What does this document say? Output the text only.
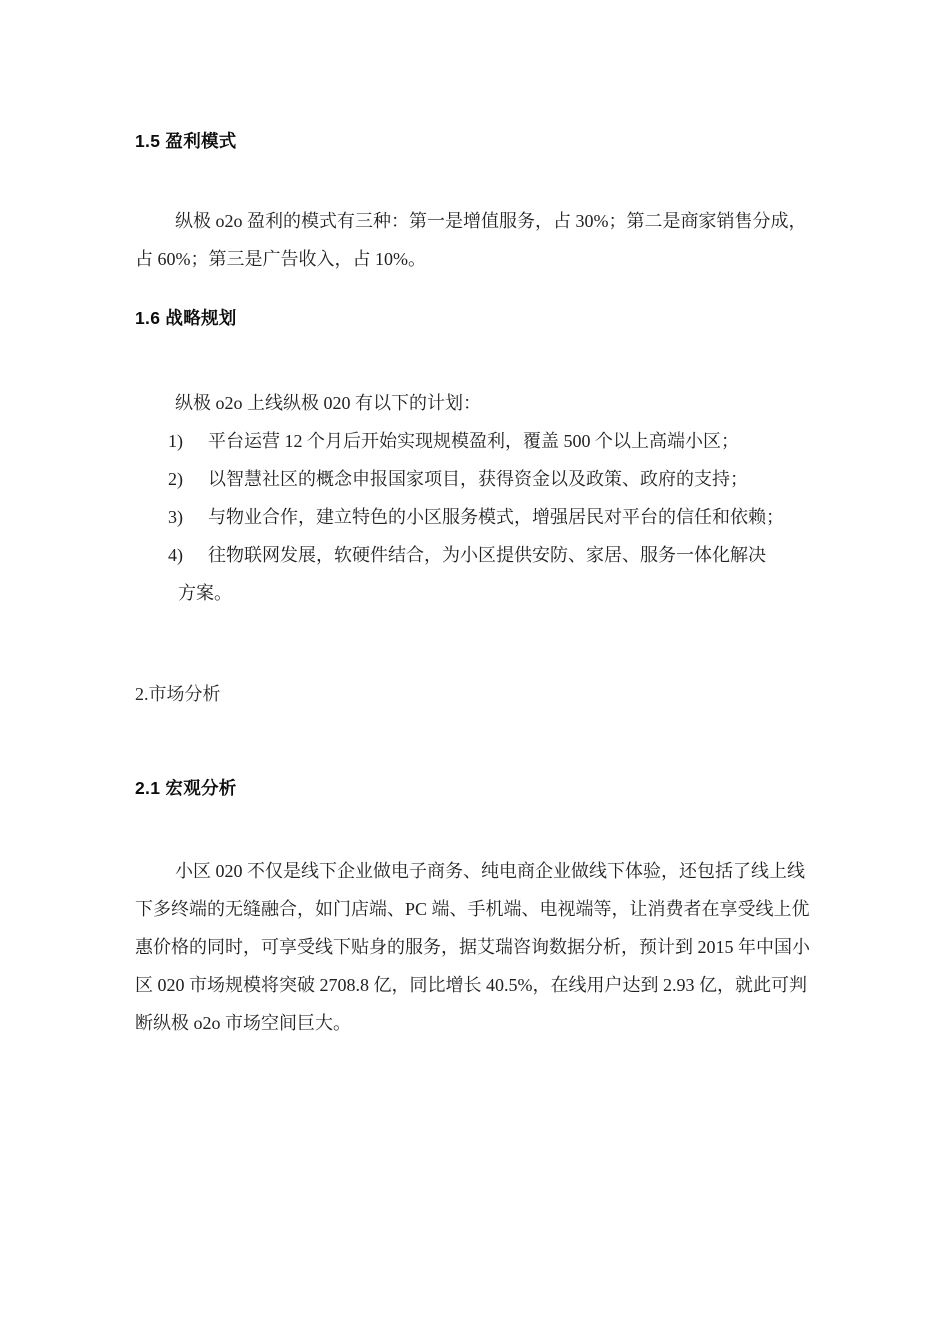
1.5 盈利模式

纵极 o2o 盈利的模式有三种：第一是增值服务，占 30%；第二是商家销售分成，占 60%；第三是广告收入，占 10%。

1.6 战略规划

纵极 o2o 上线纵极 020 有以下的计划：

1)	平台运营 12 个月后开始实现规模盈利，覆盖 500 个以上高端小区；
2)	以智慧社区的概念申报国家项目，获得资金以及政策、政府的支持；
3)	与物业合作，建立特色的小区服务模式，增强居民对平台的信任和依赖；
4)	往物联网发展，软硬件结合，为小区提供安防、家居、服务一体化解决
方案。
2.市场分析
2.1 宏观分析

小区 020 不仅是线下企业做电子商务、纯电商企业做线下体验，还包括了线上线下多终端的无缝融合，如门店端、PC 端、手机端、电视端等，让消费者在享受线上优惠价格的同时，可享受线下贴身的服务，据艾瑞咨询数据分析，预计到 2015 年中国小区 020 市场规模将突破 2708.8 亿，同比增长 40.5%，在线用户达到 2.93 亿，就此可判断纵极 o2o 市场空间巨大。
